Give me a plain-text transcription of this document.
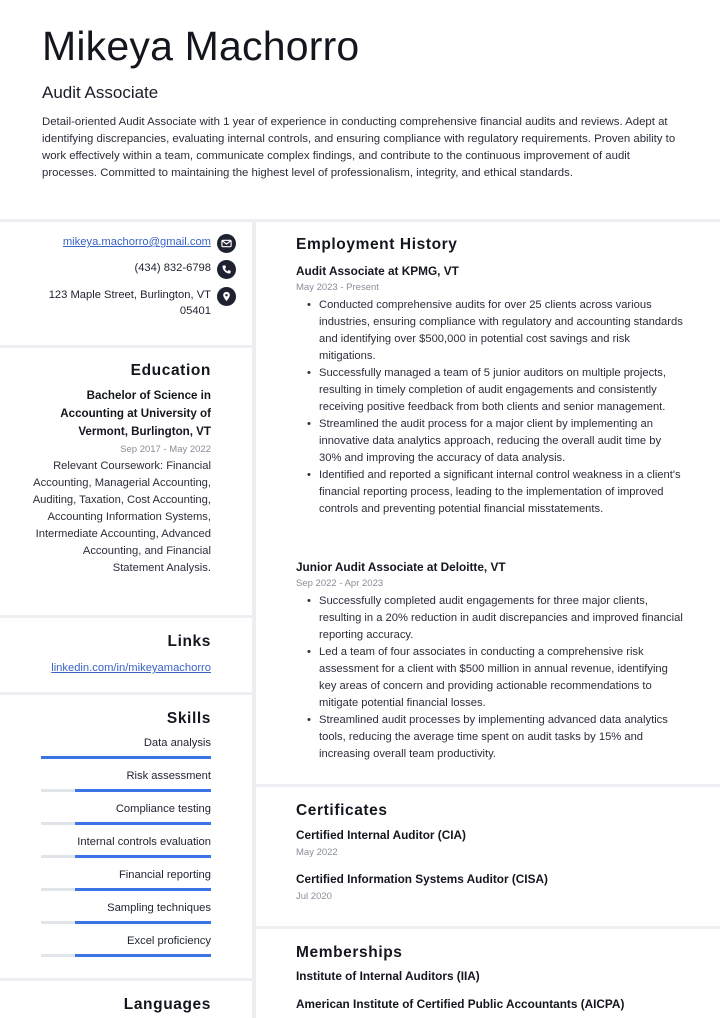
Mikeya Machorro
Audit Associate

Detail-oriented Audit Associate with 1 year of experience in conducting comprehensive financial audits and reviews. Adept at identifying discrepancies, evaluating internal controls, and ensuring compliance with regulatory requirements. Proven ability to work effectively within a team, communicate complex findings, and contribute to the continuous improvement of audit processes. Committed to maintaining the highest level of professionalism, integrity, and ethical standards.

mikeya.machorro@gmail.com
(434) 832-6798
123 Maple Street, Burlington, VT 05401
Education
Bachelor of Science in Accounting at University of Vermont, Burlington, VT
Sep 2017 - May 2022
Relevant Coursework: Financial Accounting, Managerial Accounting, Auditing, Taxation, Cost Accounting, Accounting Information Systems, Intermediate Accounting, Advanced Accounting, and Financial Statement Analysis.
Links
linkedin.com/in/mikeyamachorro
Skills
Data analysis
Risk assessment
Compliance testing
Internal controls evaluation
Financial reporting
Sampling techniques
Excel proficiency
Languages
Employment History
Audit Associate at KPMG, VT
May 2023 - Present
• Conducted comprehensive audits for over 25 clients across various industries, ensuring compliance with regulatory and accounting standards and identifying over $500,000 in potential cost savings and risk mitigations.
• Successfully managed a team of 5 junior auditors on multiple projects, resulting in timely completion of audit engagements and consistently receiving positive feedback from both clients and senior management.
• Streamlined the audit process for a major client by implementing an innovative data analytics approach, reducing the overall audit time by 30% and improving the accuracy of data analysis.
• Identified and reported a significant internal control weakness in a client's financial reporting process, leading to the implementation of improved controls and preventing potential financial misstatements.
Junior Audit Associate at Deloitte, VT
Sep 2022 - Apr 2023
• Successfully completed audit engagements for three major clients, resulting in a 20% reduction in audit discrepancies and improved financial reporting accuracy.
• Led a team of four associates in conducting a comprehensive risk assessment for a client with $500 million in annual revenue, identifying key areas of concern and providing actionable recommendations to mitigate potential financial losses.
• Streamlined audit processes by implementing advanced data analytics tools, reducing the average time spent on audit tasks by 15% and increasing overall team productivity.
Certificates
Certified Internal Auditor (CIA)
May 2022
Certified Information Systems Auditor (CISA)
Jul 2020
Memberships
Institute of Internal Auditors (IIA)
American Institute of Certified Public Accountants (AICPA)
